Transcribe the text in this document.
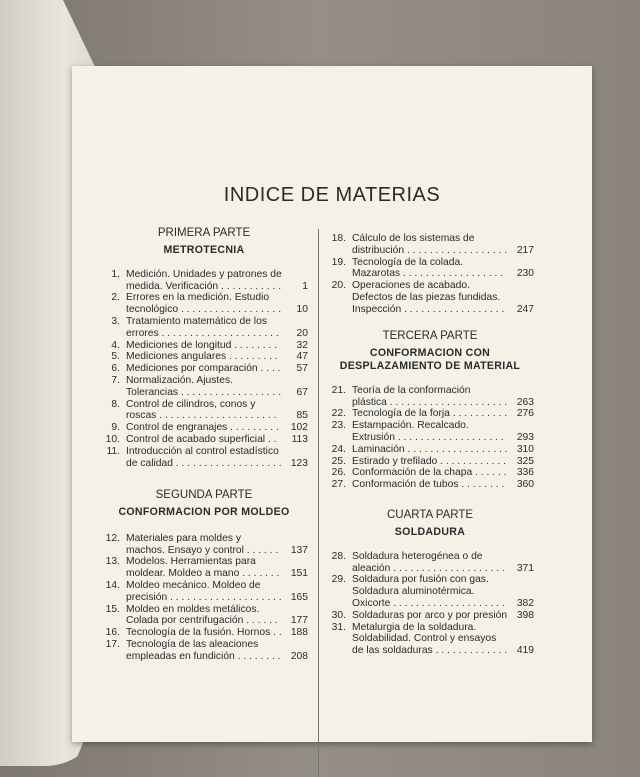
INDICE DE MATERIAS
PRIMERA PARTE
METROTECNIA
1. Medición. Unidades y patrones de medida. Verificación . . . . . . . . . . .	1
2. Errores en la medición. Estudio tecnológico . . . . . . . . . . . . . . . . . .	10
3. Tratamiento matemático de los errores . . . . . . . . . . . . . . . . . . . . .	20
4. Mediciones de longitud . . . . . . . .	32
5. Mediciones angulares . . . . . . . . .	47
6. Mediciones por comparación . . . .	57
7. Normalización. Ajustes. Tolerancias . . . . . . . . . . . . . . . . . .	67
8. Control de cilindros, conos y roscas . . . . . . . . . . . . . . . . . . . . .	85
9. Control de engranajes . . . . . . . . .	102
10. Control de acabado superficial . .	113
11. Introducción al control estadístico de calidad . . . . . . . . . . . . . . . . . . . 123
SEGUNDA PARTE
CONFORMACION POR MOLDEO
12. Materiales para moldes y machos. Ensayo y control . . . . . .	137
13. Modelos. Herramientas para moldear. Moldeo a mano . . . . . . .	151
14. Moldeo mecánico. Moldeo de precisión . . . . . . . . . . . . . . . . . . . . 165
15. Moldeo en moldes metálicos. Colada por centrifugación . . . . . .	177
16. Tecnología de la fusión. Hornos . . 188
17. Tecnología de las aleaciones empleadas en fundición . . . . . . . . 208
18. Cálculo de los sistemas de distribución . . . . . . . . . . . . . . . . . . 217
19. Tecnología de la colada. Mazarotas . . . . . . . . . . . . . . . . . .	230
20. Operaciones de acabado. Defectos de las piezas fundidas. Inspección . . . . . . . . . . . . . . . . . .	247
TERCERA PARTE
CONFORMACION CON DESPLAZAMIENTO DE MATERIAL
21. Teoría de la conformación plástica . . . . . . . . . . . . . . . . . . . . . 263
22. Tecnología de la forja . . . . . . . . . . 276
23. Estampación. Recalcado. Extrusión . . . . . . . . . . . . . . . . . . .	293
24. Laminación . . . . . . . . . . . . . . . . . . 310
25. Estirado y trefilado . . . . . . . . . . . .	325
26. Conformación de la chapa . . . . . . 336
27. Conformación de tubos . . . . . . . .	360
CUARTA PARTE
SOLDADURA
28. Soldadura heterogénea o de aleación . . . . . . . . . . . . . . . . . . . .	371
29. Soldadura por fusión con gas. Soldadura aluminotérmica. Oxicorte . . . . . . . . . . . . . . . . . . . .	382
30. Soldaduras por arco y por presión 398
31. Metalurgia de la soldadura. Soldabilidad. Control y ensayos de las soldaduras . . . . . . . . . . . . . 419
